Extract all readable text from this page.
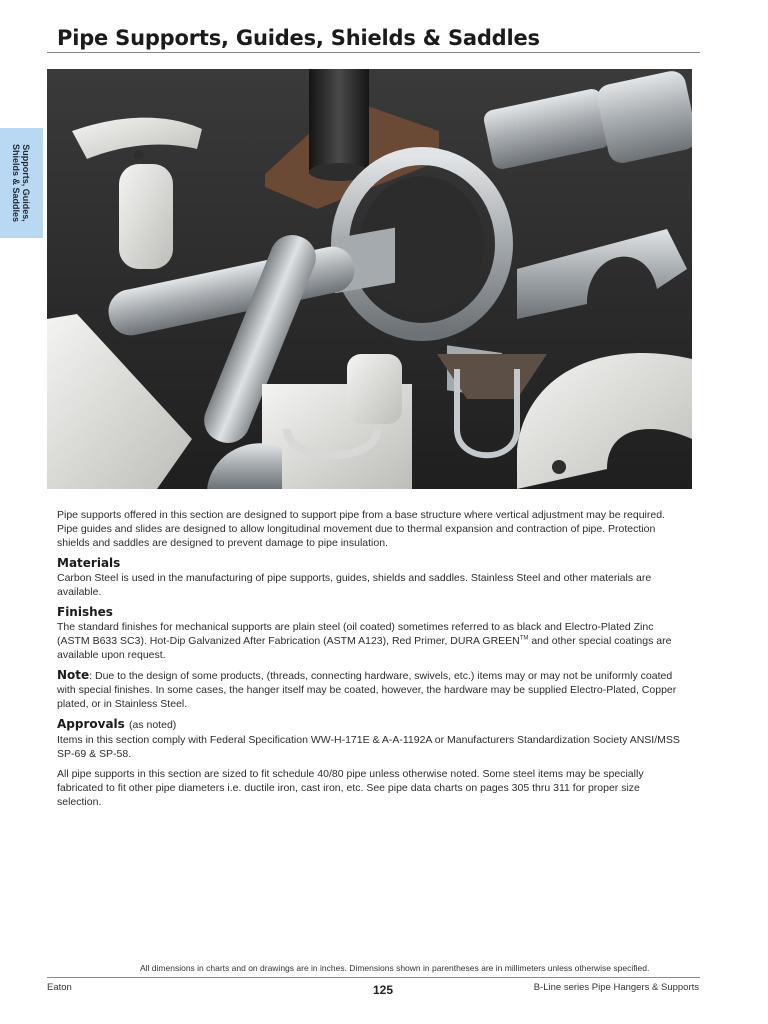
Pipe Supports, Guides, Shields & Saddles
Supports, Guides,
Shields & Saddles

Pipe supports offered in this section are designed to support pipe from a base structure where vertical adjustment may be required. Pipe guides and slides are designed to allow longitudinal movement due to thermal expansion and contraction of pipe. Protection shields and saddles are designed to prevent damage to pipe insulation.

Materials

Carbon Steel is used in the manufacturing of pipe supports, guides, shields and saddles. Stainless Steel and other materials are available.

Finishes

The standard finishes for mechanical supports are plain steel (oil coated) sometimes referred to as black and Electro-Plated Zinc (ASTM B633 SC3). Hot-Dip Galvanized After Fabrication (ASTM A123), Red Primer, DURA GREEN™ and other special coatings are available upon request.

Note: Due to the design of some products, (threads, connecting hardware, swivels, etc.) items may or may not be uniformly coated with special finishes. In some cases, the hanger itself may be coated, however, the hardware may be supplied Electro-Plated, Copper plated, or in Stainless Steel.

Approvals (as noted)

Items in this section comply with Federal Specification WW-H-171E & A-A-1192A or Manufacturers Standardization Society ANSI/MSS SP-69 & SP-58.

All pipe supports in this section are sized to fit schedule 40/80 pipe unless otherwise noted. Some steel items may be specially fabricated to fit other pipe diameters i.e. ductile iron, cast iron, etc. See pipe data charts on pages 305 thru 311 for proper size selection.

All dimensions in charts and on drawings are in inches. Dimensions shown in parentheses are in millimeters unless otherwise specified.
Eaton	125	B-Line series Pipe Hangers & Supports
